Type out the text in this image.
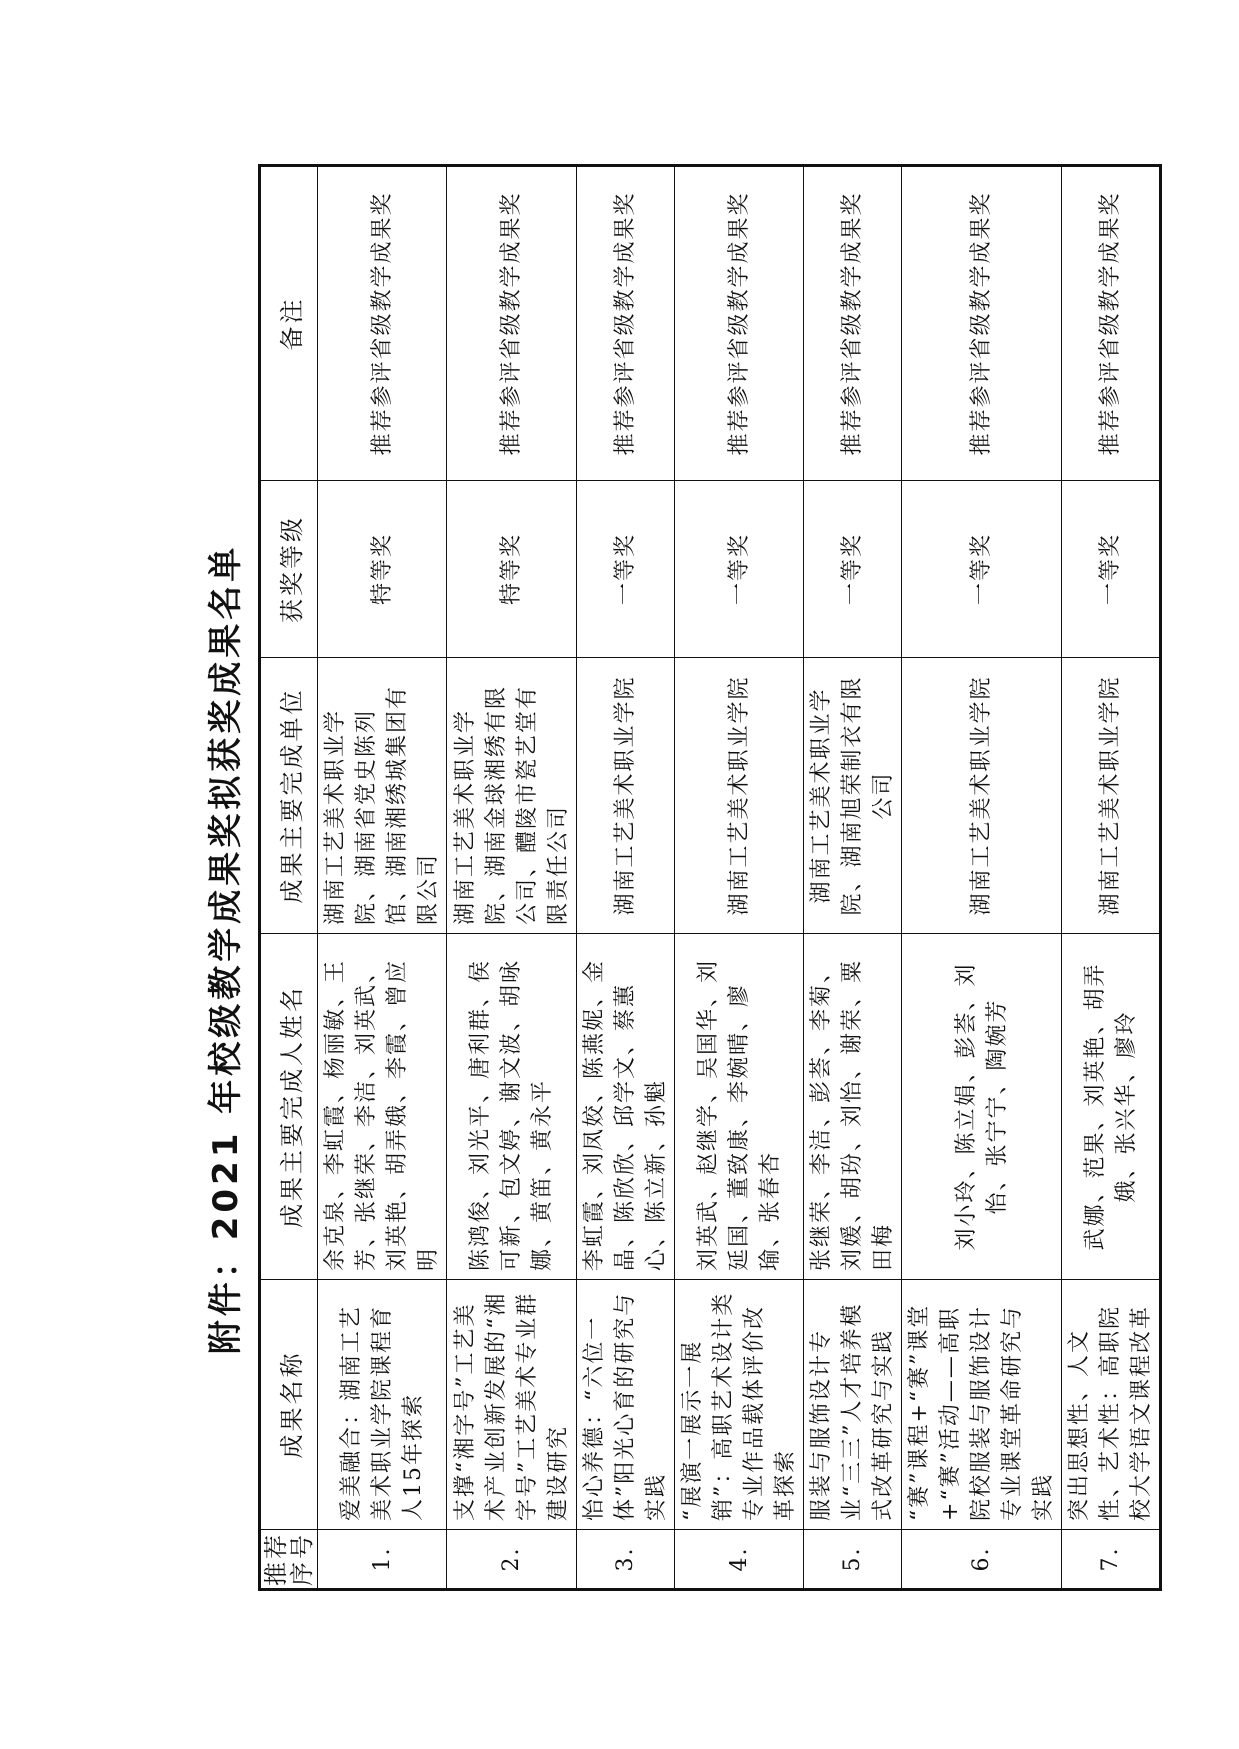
附件：2021 年校级教学成果奖拟获奖成果名单
推荐
序号	成果名称	成果主要完成人姓名	成果主要完成单位	获奖等级	备注
1.	爱美融合：湖南工艺美术职业学院课程育人15年探索	余克泉、李虹霞、杨丽敏、王芳、张继荣、李洁、刘英武、刘英艳、胡弄娥、李霞、曾应明	湖南工艺美术职业学院、湖南省党史陈列馆、湖南湘绣城集团有限公司	特等奖	推荐参评省级教学成果奖
2.	支撑“湘字号”工艺美术产业创新发展的“湘字号”工艺美术专业群建设研究	陈鸿俊、刘光平、唐利群、侯可新、包文婷、谢文波、胡咏娜、黄笛、黄永平	湖南工艺美术职业学院、湖南金球湘绣有限公司、醴陵市瓷艺堂有限责任公司	特等奖	推荐参评省级教学成果奖
3.	怡心养德：“六位一体”阳光心育的研究与实践	李虹霞、刘凤姣、陈燕妮、金晶、陈欣欣、邱学文、蔡蕙心、陈立新、孙魁	湖南工艺美术职业学院	一等奖	推荐参评省级教学成果奖
4.	“展演一展示一展销”：高职艺术设计类专业作品载体评价改革探索	刘英武、赵继学、吴国华、刘延国、董致康、李婉晴、廖瑜、张春杏	湖南工艺美术职业学院	一等奖	推荐参评省级教学成果奖
5.	服装与服饰设计专业“三三”人才培养模式改革研究与实践	张继荣、李洁、彭荟、李菊、刘媛、胡玢、刘怡、谢荣、粟田梅	湖南工艺美术职业学院、湖南旭荣制衣有限公司	一等奖	推荐参评省级教学成果奖
6.	“赛”课程+“赛”课堂+“赛”活动——高职院校服装与服饰设计专业课堂革命研究与实践	刘小玲、陈立娟、彭荟、刘怡、张宁宁、陶婉芳	湖南工艺美术职业学院	一等奖	推荐参评省级教学成果奖
7.	突出思想性、人文性、艺术性：高职院校大学语文课程改革	武娜、范果、刘英艳、胡弄娥、张兴华、廖玲	湖南工艺美术职业学院	一等奖	推荐参评省级教学成果奖
